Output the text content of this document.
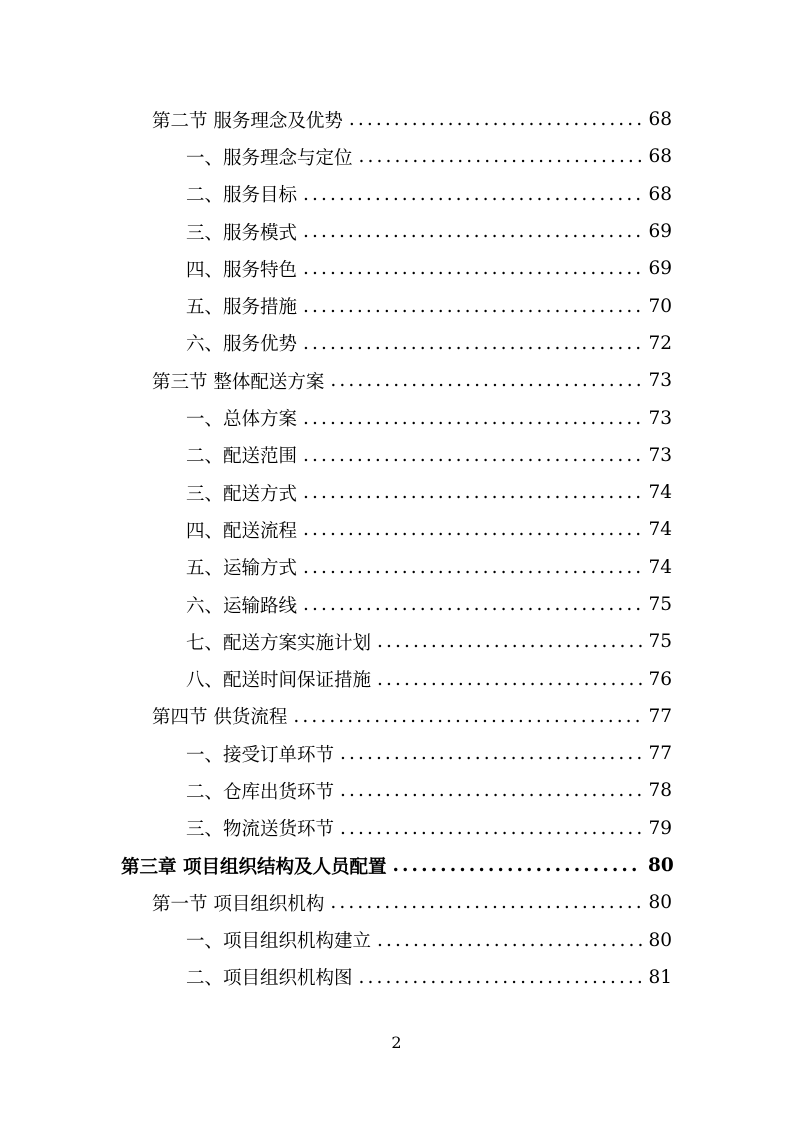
第二节 服务理念及优势 .....	68
一、服务理念与定位 .....	68
二、服务目标 .....	68
三、服务模式 .....	69
四、服务特色 .....	69
五、服务措施 .....	70
六、服务优势 .....	72
第三节 整体配送方案 .....	73
一、总体方案 .....	73
二、配送范围 .....	73
三、配送方式 .....	74
四、配送流程 .....	74
五、运输方式 .....	74
六、运输路线 .....	75
七、配送方案实施计划 .....	75
八、配送时间保证措施 .....	76
第四节 供货流程 .....	77
一、接受订单环节 .....	77
二、仓库出货环节 .....	78
三、物流送货环节 .....	79
第三章 项目组织结构及人员配置 .....	80
第一节 项目组织机构 .....	80
一、项目组织机构建立 .....	80
二、项目组织机构图 .....	81
2
